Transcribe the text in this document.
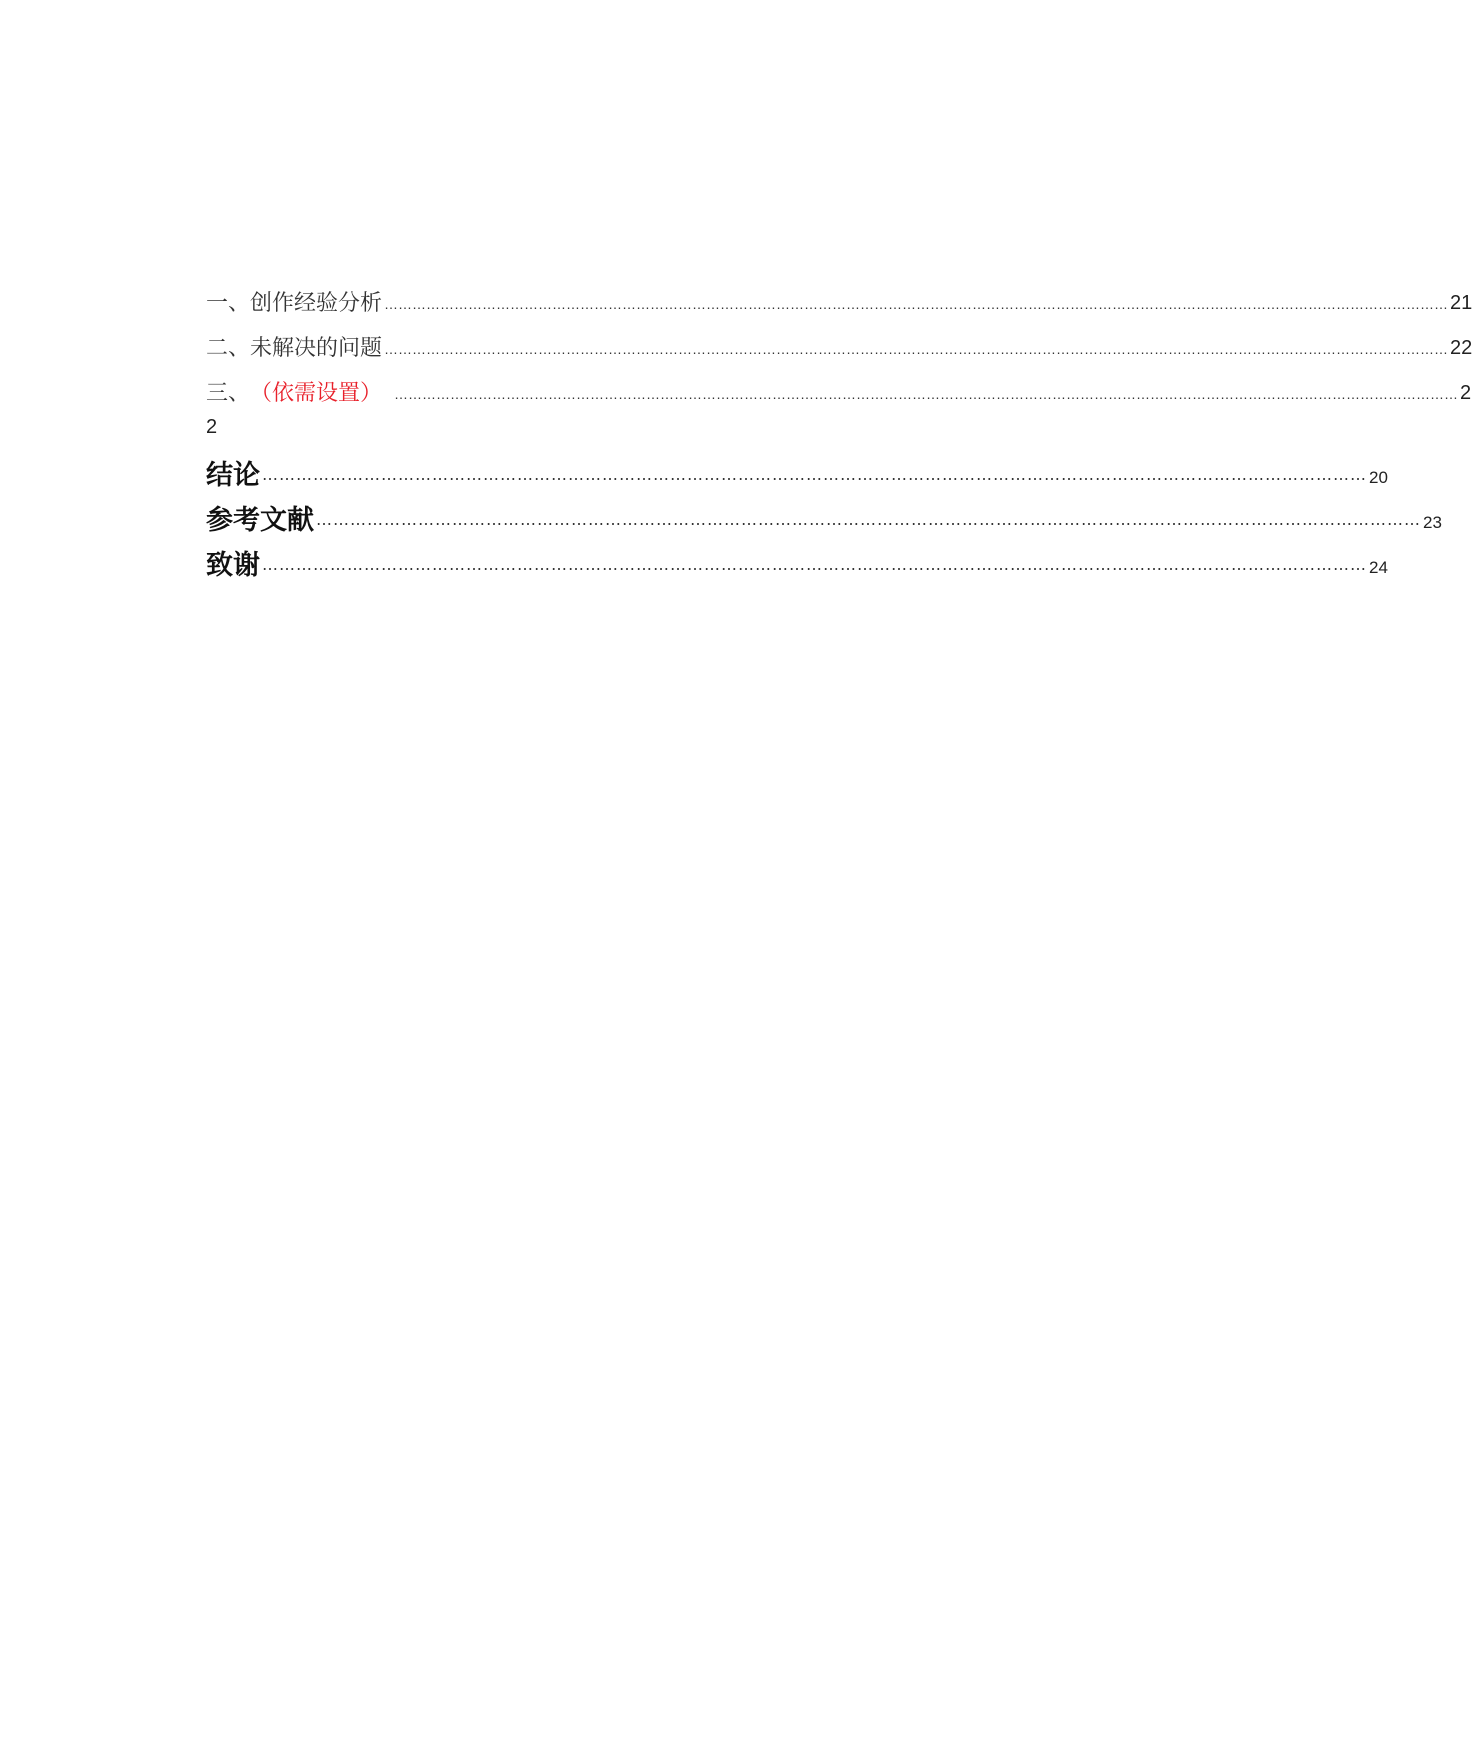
一、 创作经验分析 ………………………………………………………………………………………………………………………………………………………………………………………………………… 21
二、 未解决的问题 ………………………………………………………………………………………………………………………………………………………………………………………………………… 22
三、 （依需设置） ………………………………………………………………………………………………………………………………………………………………………………………………………… 2
2
结论 …………………………………………………………………………………………………………………………………………………………………………… 20
参考文献 …………………………………………………………………………………………………………………………………………………………………………… 23
致谢 …………………………………………………………………………………………………………………………………………………………………………… 24
